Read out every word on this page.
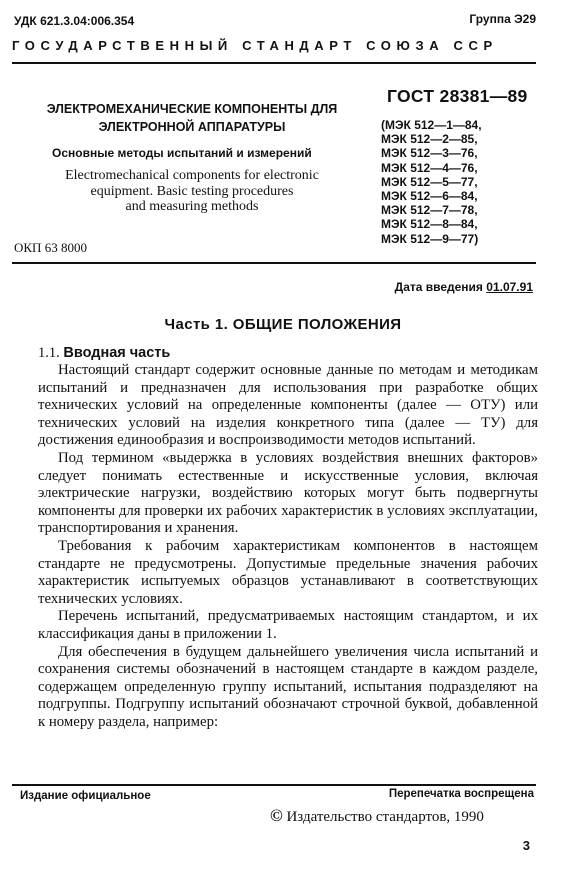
УДК 621.3.04:006.354	Группа Э29
ГОСУДАРСТВЕННЫЙ СТАНДАРТ СОЮЗА ССР
ЭЛЕКТРОМЕХАНИЧЕСКИЕ КОМПОНЕНТЫ ДЛЯ
ЭЛЕКТРОННОЙ АППАРАТУРЫ
Основные методы испытаний и измерений
Electromechanical components for electronic
equipment. Basic testing procedures
and measuring methods
ОКП 63 8000
ГОСТ 28381—89
(МЭК 512—1—84,
МЭК 512—2—85,
МЭК 512—3—76,
МЭК 512—4—76,
МЭК 512—5—77,
МЭК 512—6—84,
МЭК 512—7—78,
МЭК 512—8—84,
МЭК 512—9—77)
Дата введения 01.07.91
Часть 1. ОБЩИЕ ПОЛОЖЕНИЯ
1.1. Вводная часть

Настоящий стандарт содержит основные данные по методам и методикам испытаний и предназначен для использования при разработке общих технических условий на определенные компоненты (далее — ОТУ) или технических условий на изделия конкретного типа (далее — ТУ) для достижения единообразия и воспроизводимости методов испытаний.

Под термином «выдержка в условиях воздействия внешних факторов» следует понимать естественные и искусственные условия, включая электрические нагрузки, воздействию которых могут быть подвергнуты компоненты для проверки их рабочих характеристик в условиях эксплуатации, транспортирования и хранения.

Требования к рабочим характеристикам компонентов в настоящем стандарте не предусмотрены. Допустимые предельные значения рабочих характеристик испытуемых образцов устанавливают в соответствующих технических условиях.

Перечень испытаний, предусматриваемых настоящим стандартом, и их классификация даны в приложении 1.

Для обеспечения в будущем дальнейшего увеличения числа испытаний и сохранения системы обозначений в настоящем стандарте в каждом разделе, содержащем определенную группу испытаний, испытания подразделяют на подгруппы. Подгруппу испытаний обозначают строчной буквой, добавленной к номеру раздела, например:

Издание официальное	Перепечатка воспрещена
© Издательство стандартов, 1990
3
